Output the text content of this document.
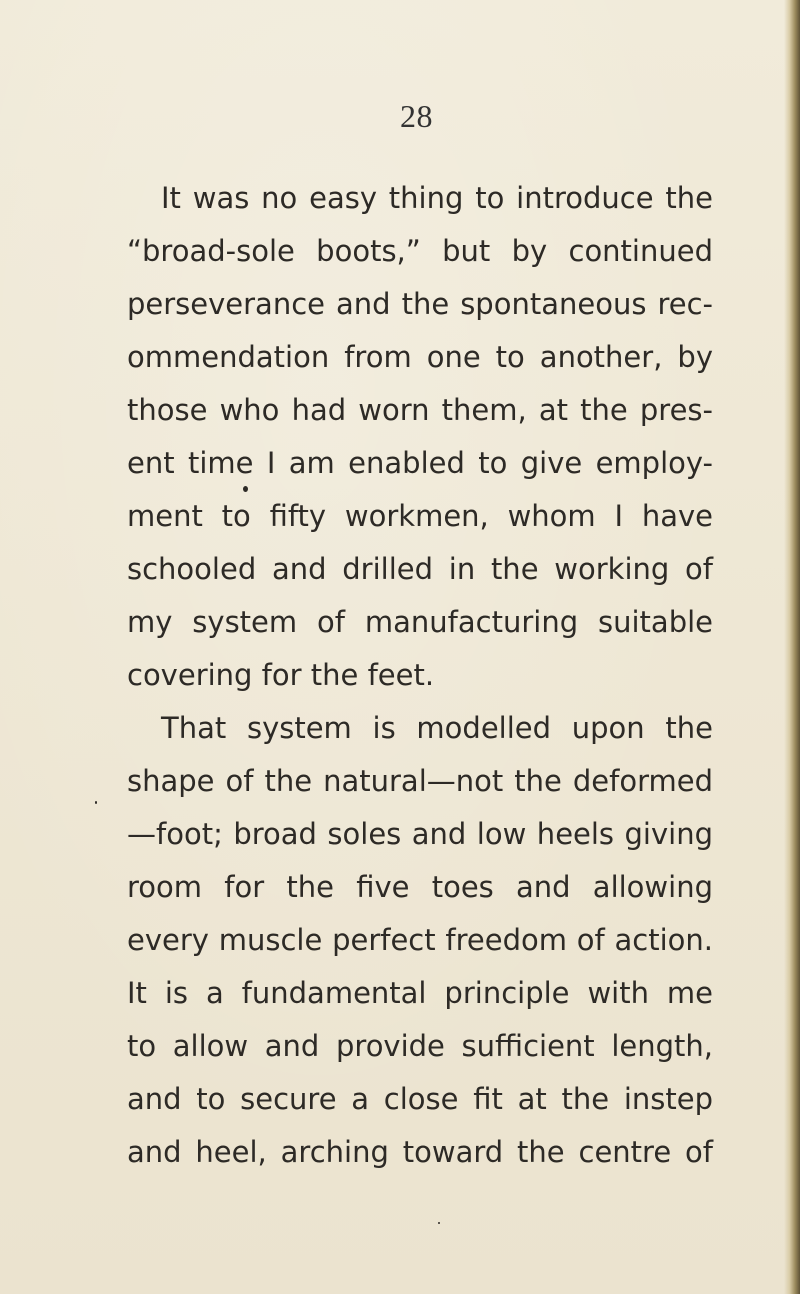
28
It was no easy thing to introduce the
“broad-sole boots,” but by continued
perseverance and the spontaneous rec-
ommendation from one to another, by
those who had worn them, at the pres-
ent time I am enabled to give employ-
ment to fifty workmen, whom I have
schooled and drilled in the working of
my system of manufacturing suitable
covering for the feet.
That system is modelled upon the
shape of the natural—not the deformed
—foot; broad soles and low heels giving
room for the five toes and allowing
every muscle perfect freedom of action.
It is a fundamental principle with me
to allow and provide sufficient length,
and to secure a close fit at the instep
and heel, arching toward the centre of
